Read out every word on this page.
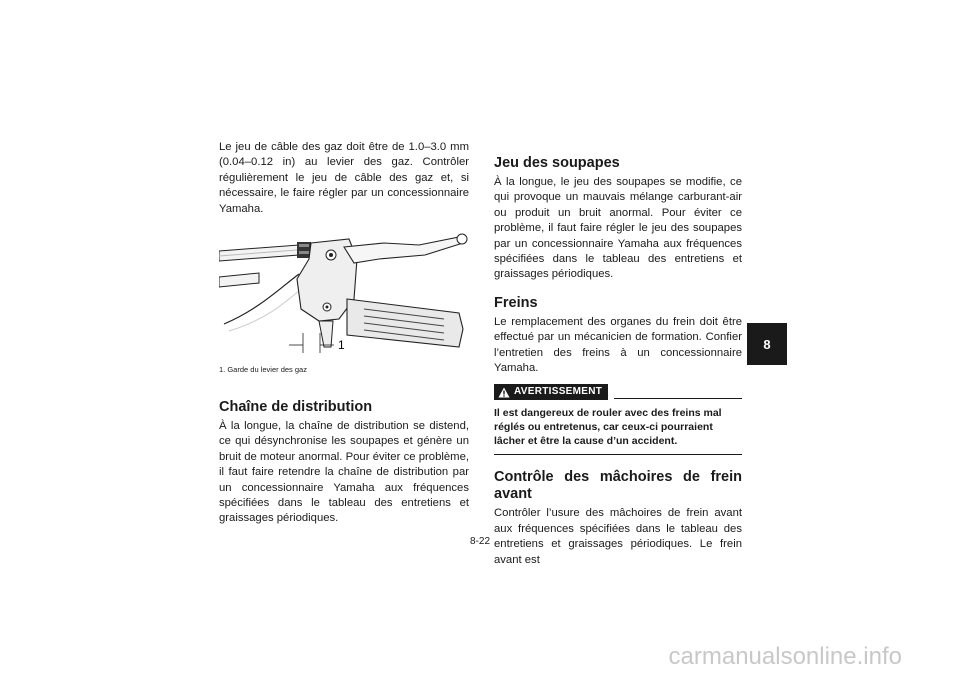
Le jeu de câble des gaz doit être de 1.0–3.0 mm (0.04–0.12 in) au levier des gaz. Contrôler régulièrement le jeu de câble des gaz et, si nécessaire, le faire régler par un concessionnaire Yamaha.

1
1. Garde du levier des gaz
Chaîne de distribution

À la longue, la chaîne de distribution se distend, ce qui désynchronise les soupapes et génère un bruit de moteur anormal. Pour éviter ce problème, il faut faire retendre la chaîne de distribution par un concessionnaire Yamaha aux fréquences spécifiées dans le tableau des entretiens et graissages périodiques.

Jeu des soupapes

À la longue, le jeu des soupapes se modifie, ce qui provoque un mauvais mélange carburant-air ou produit un bruit anormal. Pour éviter ce problème, il faut faire régler le jeu des soupapes par un concessionnaire Yamaha aux fréquences spécifiées dans le tableau des entretiens et graissages périodiques.

Freins

Le remplacement des organes du frein doit être effectué par un mécanicien de formation. Confier l’entretien des freins à un concessionnaire Yamaha.

AVERTISSEMENT
Il est dangereux de rouler avec des freins mal réglés ou entretenus, car ceux-ci pourraient lâcher et être la cause d’un accident.
Contrôle des mâchoires de frein avant

Contrôler l’usure des mâchoires de frein avant aux fréquences spécifiées dans le tableau des entretiens et graissages périodiques. Le frein avant est

8
8-22
carmanualsonline.info
